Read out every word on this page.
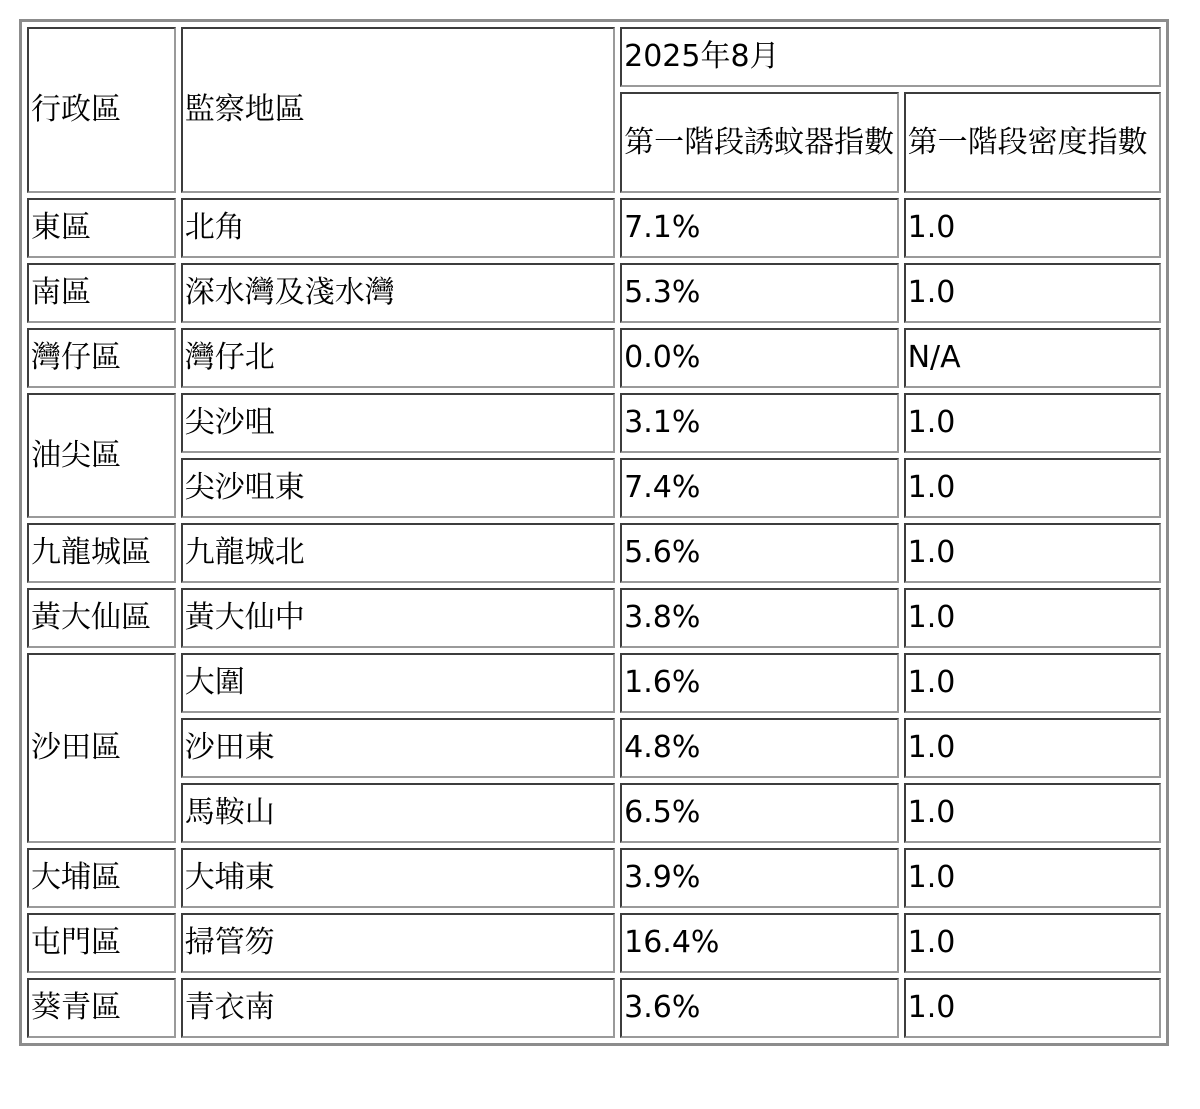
行政區	監察地區	2025年8月	
		第一階段誘蚊器指數	第一階段密度指數
東區	北角	7.1%	1.0
南區	深水灣及淺水灣	5.3%	1.0
灣仔區	灣仔北	0.0%	N/A
油尖區	尖沙咀	3.1%	1.0
	尖沙咀東	7.4%	1.0
九龍城區	九龍城北	5.6%	1.0
黃大仙區	黃大仙中	3.8%	1.0
沙田區	大圍	1.6%	1.0
	沙田東	4.8%	1.0
	馬鞍山	6.5%	1.0
大埔區	大埔東	3.9%	1.0
屯門區	掃管笏	16.4%	1.0
葵青區	青衣南	3.6%	1.0
